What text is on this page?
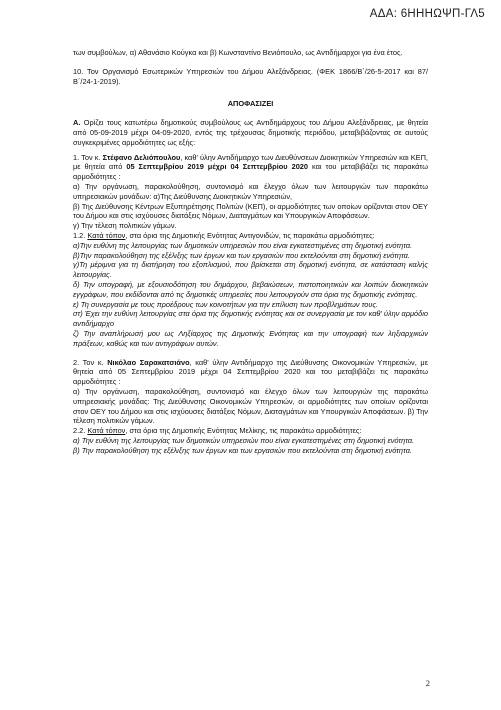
ΑΔΑ: 6ΗΗΗΩΨΠ-ΓΛ5

των συμβούλων, α) Αθανάσιο Κούγκα και β) Κωνσταντίνο Βενιόπουλο, ως Αντιδήμαρχοι για ένα έτος.

10. Τον Οργανισμό Εσωτερικών Υπηρεσιών του Δήμου Αλεξάνδρειας. (ΦΕΚ 1866/Β΄/26-5-2017 και 87/Β΄/24-1-2019).

ΑΠΟΦΑΣΙΖΕΙ

Α. Ορίζει τους κατωτέρω δημοτικούς συμβούλους ως Αντιδημάρχους του Δήμου Αλεξάνδρειας, με θητεία από 05-09-2019 μέχρι 04-09-2020, εντός της τρέχουσας δημοτικής περιόδου, μεταβιβάζοντας σε αυτούς συγκεκριμένες αρμοδιότητες ως εξής:

1. Τον κ. Στέφανο Δελιόπουλου, καθ' ύλην Αντιδήμαρχο των Διευθύνσεων Διοικητικών Υπηρεσιών και ΚΕΠ, με θητεία από 05 Σεπτεμβρίου 2019 μέχρι 04 Σεπτεμβρίου 2020 και του μεταβιβάζει τις παρακάτω αρμοδιότητες :

α) Την οργάνωση, παρακολούθηση, συντονισμό και έλεγχο όλων των λειτουργιών των παρακάτω υπηρεσιακών μονάδων: α)Της Διεύθυνσης Διοικητικών Υπηρεσιών,

β) Της Διεύθυνσης Κέντρων Εξυπηρέτησης Πολιτών (ΚΕΠ), οι αρμοδιότητες των οποίων ορίζονται στον ΟΕΥ του Δήμου και στις ισχύουσες διατάξεις Νόμων, Διαταγμάτων και Υπουργικών Αποφάσεων.

γ) Την τέλεση πολιτικών γάμων.

1.2. Κατά τόπον, στα όρια της Δημοτικής Ενότητας Αντιγονιδών, τις παρακάτω αρμοδιότητες:

α)Την ευθύνη της λειτουργίας των δημοτικών υπηρεσιών που είναι εγκατεστημένες στη δημοτική ενότητα.

β)Την παρακολούθηση της εξέλιξης των έργων και των εργασιών που εκτελούνται στη δημοτική ενότητα.

γ)Τη μέριμνα για τη διατήρηση του εξοπλισμού, που βρίσκεται στη δημοτική ενότητα, σε κατάσταση καλής λειτουργίας.

δ) Την υπογραφή, με εξουσιοδότηση του δημάρχου, βεβαιώσεων, πιστοποιητικών και λοιπών διοικητικών εγγράφων, που εκδίδονται από τις δημοτικές υπηρεσίες που λειτουργούν στα όρια της δημοτικής ενότητας.

ε) Τη συνεργασία με τους προέδρους των κοινοτήτων για την επίλυση των προβλημάτων τους.

στ) Έχει την ευθύνη λειτουργίας στα όρια της δημοτικής ενότητας και σε συνεργασία με τον καθ' ύλην αρμόδιο αντιδήμαρχο

ζ) Την αναπλήρωσή μου ως Ληξίαρχος της Δημοτικής Ενότητας και την υπογραφή των ληξιαρχικών πράξεων, καθώς και των αντιγράφων αυτών.

2. Τον κ. Νικόλαο Σαρακατσιάνο, καθ' ύλην Αντιδήμαρχο της Διεύθυνσης Οικονομικών Υπηρεσιών, με θητεία από 05 Σεπτεμβρίου 2019 μέχρι 04 Σεπτεμβρίου 2020 και του μεταβιβάζει τις παρακάτω αρμοδιότητες :

α) Την οργάνωση, παρακολούθηση, συντονισμό και έλεγχο όλων των λειτουργιών της παρακάτω υπηρεσιακής μονάδας: Της Διεύθυνσης Οικονομικών Υπηρεσιών, οι αρμοδιότητες των οποίων ορίζονται στον ΟΕΥ του Δήμου και στις ισχύουσες διατάξεις Νόμων, Διαταγμάτων και Υπουργικών Αποφάσεων. β) Την τέλεση πολιτικών γάμων.

2.2. Κατά τόπον, στα όρια της Δημοτικής Ενότητας Μελίκης, τις παρακάτω αρμοδιότητες:

α) Την ευθύνη της λειτουργίας των δημοτικών υπηρεσιών που είναι εγκατεστημένες στη δημοτική ενότητα.

β) Την παρακολούθηση της εξέλιξης των έργων και των εργασιών που εκτελούνται στη δημοτική ενότητα.

2
